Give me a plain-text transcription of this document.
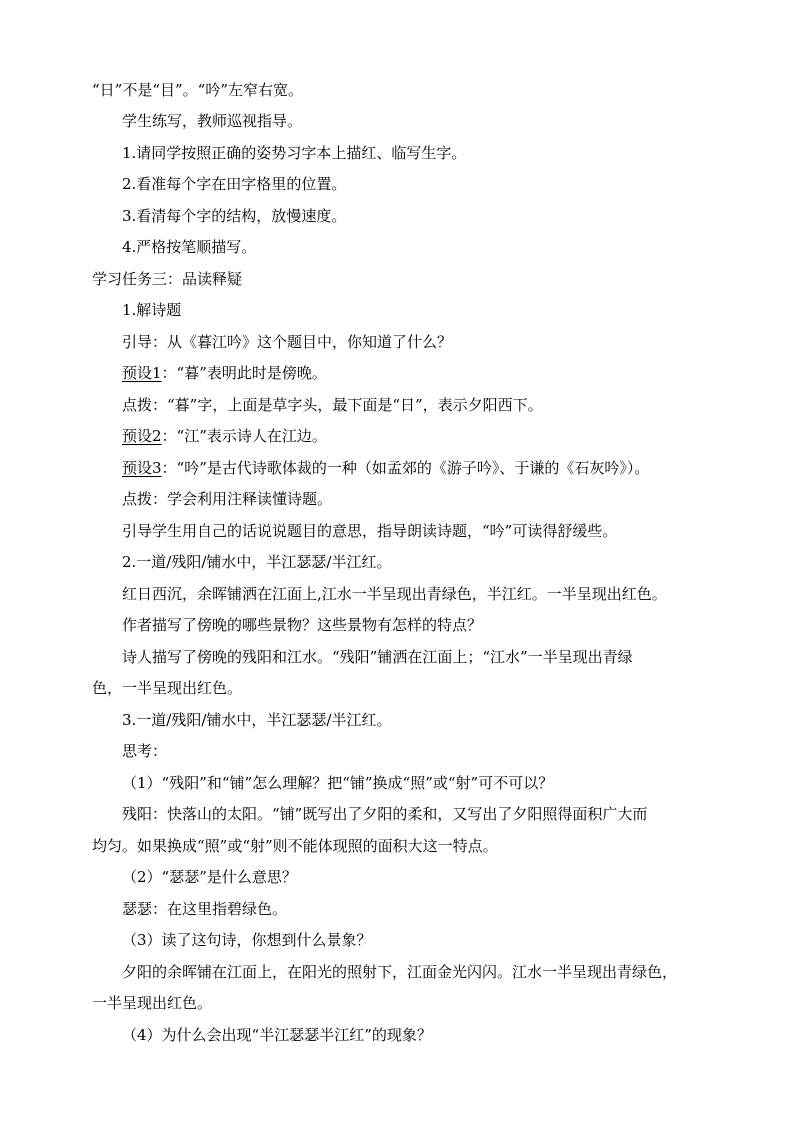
“日”不是“目”。“吟”左窄右宽。
学生练写，教师巡视指导。
1.请同学按照正确的姿势习字本上描红、临写生字。
2.看准每个字在田字格里的位置。
3.看清每个字的结构，放慢速度。
4.严格按笔顺描写。
学习任务三：品读释疑
1.解诗题
引导：从《暮江吟》这个题目中，你知道了什么？
预设1：“暮”表明此时是傍晚。
点拨：“暮”字，上面是草字头，最下面是“日”，表示夕阳西下。
预设2：“江”表示诗人在江边。
预设3：“吟”是古代诗歌体裁的一种（如孟郊的《游子吟》、于谦的《石灰吟》）。
点拨：学会利用注释读懂诗题。
引导学生用自己的话说说题目的意思，指导朗读诗题，“吟”可读得舒缓些。
2.一道/残阳/铺水中，半江瑟瑟/半江红。
红日西沉，余晖铺洒在江面上,江水一半呈现出青绿色，半江红。一半呈现出红色。
作者描写了傍晚的哪些景物？这些景物有怎样的特点？
诗人描写了傍晚的残阳和江水。“残阳”铺洒在江面上；“江水”一半呈现出青绿
色，一半呈现出红色。
3.一道/残阳/铺水中，半江瑟瑟/半江红。
思考：
（1）“残阳”和“铺”怎么理解？把“铺”换成“照”或“射”可不可以？
残阳：快落山的太阳。“铺”既写出了夕阳的柔和，又写出了夕阳照得面积广大而
均匀。如果换成“照”或“射”则不能体现照的面积大这一特点。
（2）“瑟瑟”是什么意思？
瑟瑟：在这里指碧绿色。
（3）读了这句诗，你想到什么景象？
夕阳的余晖铺在江面上，在阳光的照射下，江面金光闪闪。江水一半呈现出青绿色，
一半呈现出红色。
（4）为什么会出现“半江瑟瑟半江红”的现象？
